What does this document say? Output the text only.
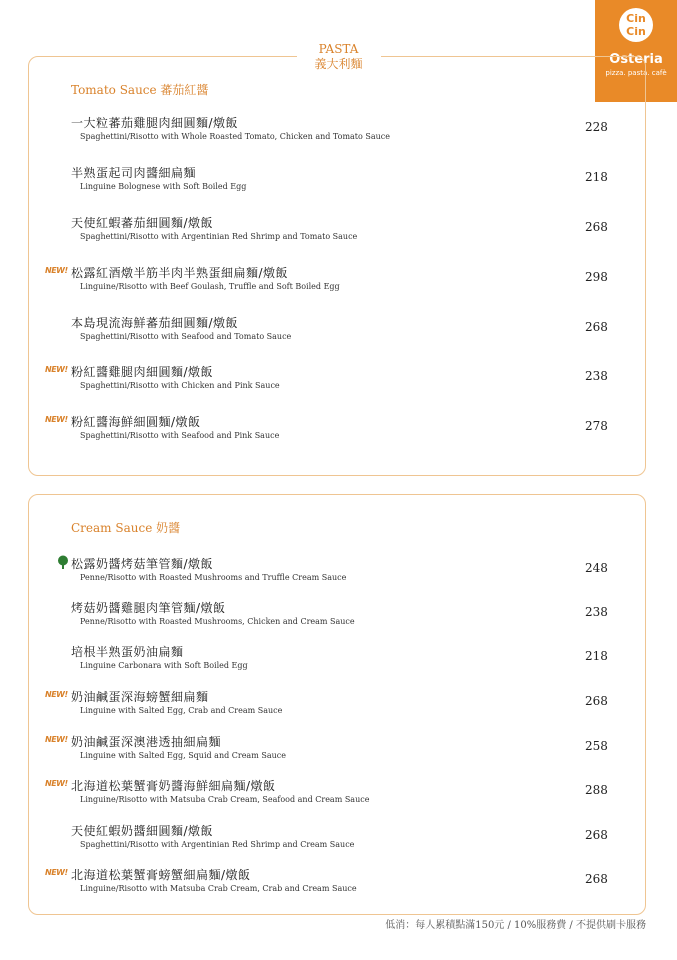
Cin
Cin
Osteria
pizza. pasta. cafè
PASTA
義大利麵
Tomato Sauce 蕃茄紅醬
一大粒蕃茄雞腿肉細圓麵/燉飯
Spaghettini/Risotto with Whole Roasted Tomato, Chicken and Tomato Sauce
228
半熟蛋起司肉醬細扁麵
Linguine Bolognese with Soft Boiled Egg
218
天使紅蝦蕃茄細圓麵/燉飯
Spaghettini/Risotto with Argentinian Red Shrimp and Tomato Sauce
268
NEW! 松露紅酒燉半筋半肉半熟蛋細扁麵/燉飯
Linguine/Risotto with Beef Goulash, Truffle and Soft Boiled Egg
298
本島現流海鮮蕃茄細圓麵/燉飯
Spaghettini/Risotto with Seafood and Tomato Sauce
268
NEW! 粉紅醬雞腿肉細圓麵/燉飯
Spaghettini/Risotto with Chicken and Pink Sauce
238
NEW! 粉紅醬海鮮細圓麵/燉飯
Spaghettini/Risotto with Seafood and Pink Sauce
278
Cream Sauce 奶醬
松露奶醬烤菇筆管麵/燉飯
Penne/Risotto with Roasted Mushrooms and Truffle Cream Sauce
248
烤菇奶醬雞腿肉筆管麵/燉飯
Penne/Risotto with Roasted Mushrooms, Chicken and Cream Sauce
238
培根半熟蛋奶油扁麵
Linguine Carbonara with Soft Boiled Egg
218
NEW! 奶油鹹蛋深海螃蟹細扁麵
Linguine with Salted Egg, Crab and Cream Sauce
268
NEW! 奶油鹹蛋深澳港透抽細扁麵
Linguine with Salted Egg, Squid and Cream Sauce
258
NEW! 北海道松葉蟹膏奶醬海鮮細扁麵/燉飯
Linguine/Risotto with Matsuba Crab Cream, Seafood and Cream Sauce
288
天使紅蝦奶醬細圓麵/燉飯
Spaghettini/Risotto with Argentinian Red Shrimp and Cream Sauce
268
NEW! 北海道松葉蟹膏螃蟹細扁麵/燉飯
Linguine/Risotto with Matsuba Crab Cream, Crab and Cream Sauce
268
低消：每人累積點滿150元 / 10%服務費 / 不提供刷卡服務
